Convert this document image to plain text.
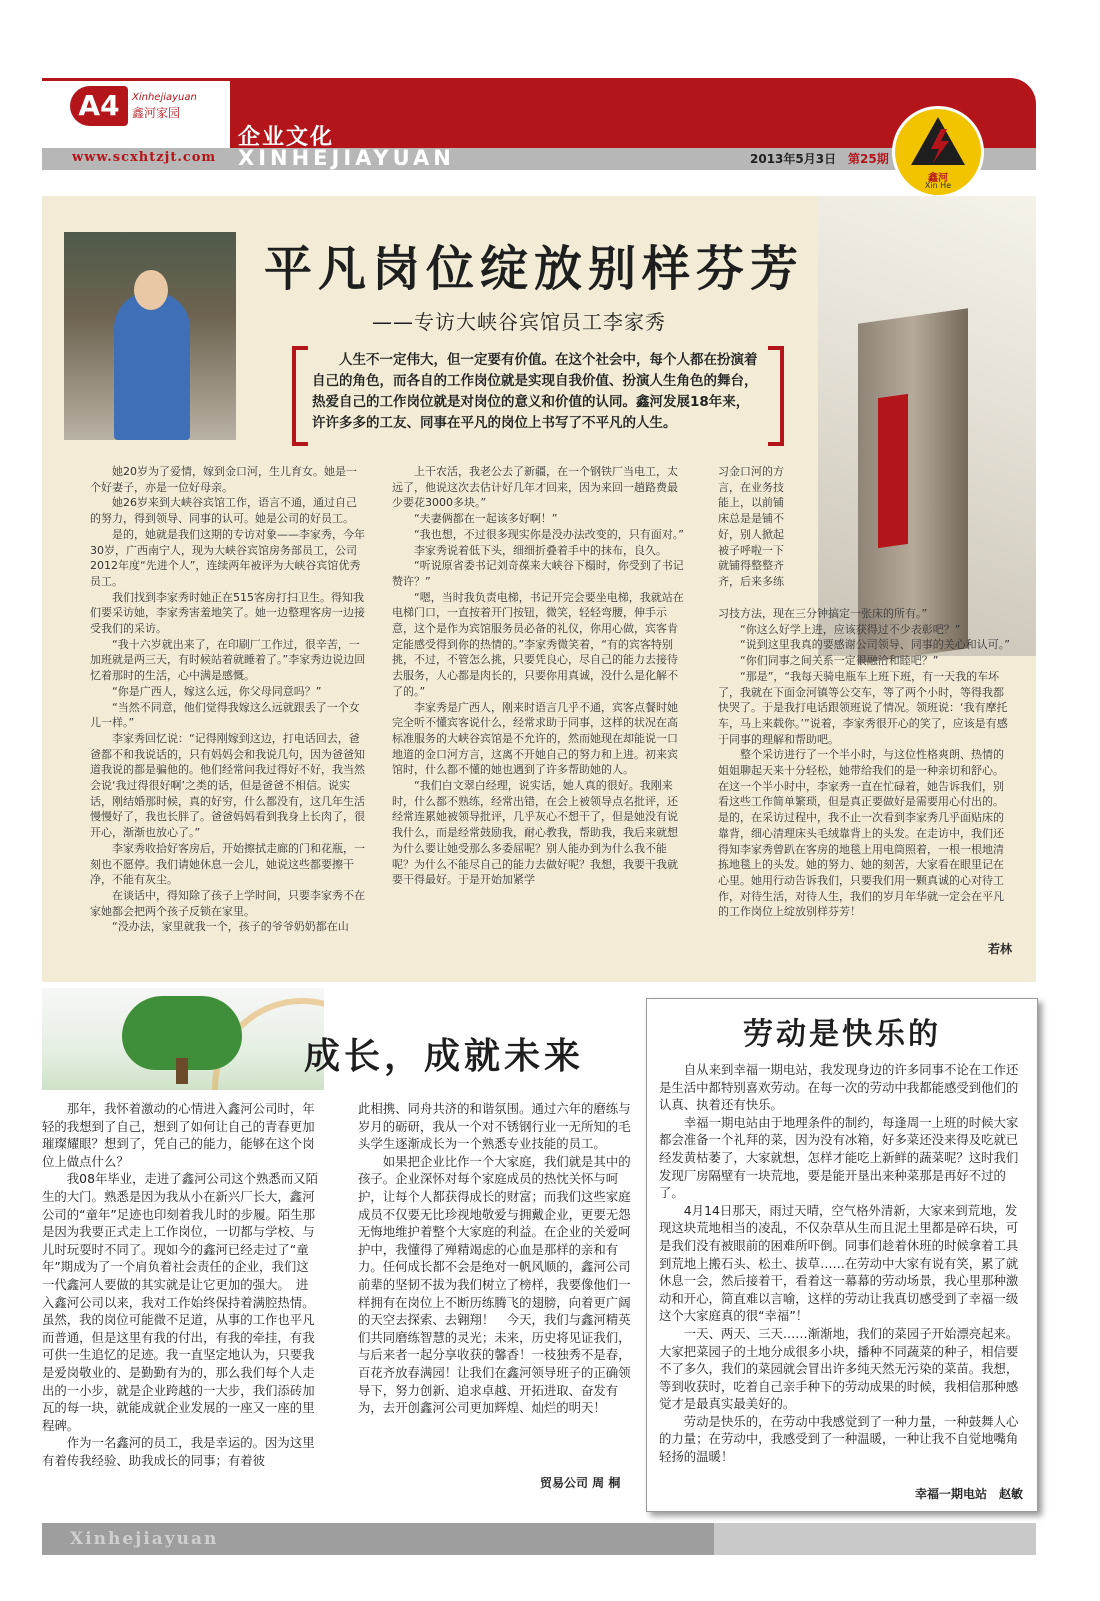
A4	Xinhejiayuan
鑫河家园
www.scxhtzjt.com
企业文化
XINHEJIAYUAN	2013年5月3日 第25期
鑫河
Xin He
平凡岗位绽放别样芬芳
——专访大峡谷宾馆员工李家秀
人生不一定伟大，但一定要有价值。在这个社会中，每个人都在扮演着自己的角色，而各自的工作岗位就是实现自我价值、扮演人生角色的舞台，热爱自己的工作岗位就是对岗位的意义和价值的认同。鑫河发展18年来，许许多多的工友、同事在平凡的岗位上书写了不平凡的人生。

她20岁为了爱情，嫁到金口河，生儿育女。她是一个好妻子，亦是一位好母亲。

她26岁来到大峡谷宾馆工作，语言不通，通过自己的努力，得到领导、同事的认可。她是公司的好员工。

是的，她就是我们这期的专访对象——李家秀，今年30岁，广西南宁人，现为大峡谷宾馆房务部员工，公司2012年度“先进个人”，连续两年被评为大峡谷宾馆优秀员工。

我们找到李家秀时她正在515客房打扫卫生。得知我们要采访她，李家秀害羞地笑了。她一边整理客房一边接受我们的采访。

“我十六岁就出来了，在印刷厂工作过，很辛苦，一加班就是两三天，有时候站着就睡着了。”李家秀边说边回忆着那时的生活，心中满是感慨。

“你是广西人，嫁这么远，你父母同意吗？”

“当然不同意，他们觉得我嫁这么远就跟丢了一个女儿一样。”

李家秀回忆说：“记得刚嫁到这边，打电话回去，爸爸都不和我说话的，只有妈妈会和我说几句，因为爸爸知道我说的都是骗他的。他们经常问我过得好不好，我当然会说‘我过得很好啊’之类的话，但是爸爸不相信。说实话，刚结婚那时候，真的好穷，什么都没有，这几年生活慢慢好了，我也长胖了。爸爸妈妈看到我身上长肉了，很开心，渐渐也放心了。”

李家秀收拾好客房后，开始擦拭走廊的门和花瓶，一刻也不愿停。我们请她休息一会儿，她说这些都要擦干净，不能有灰尘。

在谈话中，得知除了孩子上学时间，只要李家秀不在家她都会把两个孩子反锁在家里。

“没办法，家里就我一个，孩子的爷爷奶奶都在山

上干农活，我老公去了新疆，在一个钢铁厂当电工，太远了，他说这次去估计好几年才回来，因为来回一趟路费最少要花3000多块。”

“夫妻俩都在一起该多好啊！”

“我也想，不过很多现实你是没办法改变的，只有面对。”

李家秀说着低下头，细细折叠着手中的抹布，良久。

“听说原省委书记刘奇葆来大峡谷下榻时，你受到了书记赞许？”

“嗯，当时我负责电梯，书记开完会要坐电梯，我就站在电梯门口，一直按着开门按钮，微笑，轻轻弯腰，伸手示意，这个是作为宾馆服务员必备的礼仪，你用心做，宾客肯定能感受得到你的热情的。”李家秀微笑着，“有的宾客特别挑，不过，不管怎么挑，只要凭良心，尽自己的能力去接待去服务，人心都是肉长的，只要你用真诚，没什么是化解不了的。”

李家秀是广西人，刚来时语言几乎不通，宾客点餐时她完全听不懂宾客说什么，经常求助于同事，这样的状况在高标准服务的大峡谷宾馆是不允许的，然而她现在却能说一口地道的金口河方言，这离不开她自己的努力和上进。初来宾馆时，什么都不懂的她也遇到了许多帮助她的人。

“我们白文翠白经理，说实话，她人真的很好。我刚来时，什么都不熟练，经常出错，在会上被领导点名批评，还经常连累她被领导批评，几乎灰心不想干了，但是她没有说我什么，而是经常鼓励我，耐心教我，帮助我，我后来就想为什么要让她受那么多委屈呢？别人能办到为什么我不能呢？为什么不能尽自己的能力去做好呢？我想，我要干我就要干得最好。于是开始加紧学

习金口河的方言，在业务技能上，以前铺床总是是铺不好，别人掀起被子呼啦一下就铺得整整齐齐，后来多练

习技方法，现在三分钟搞定一张床的所有。”

“你这么好学上进，应该获得过不少表彰吧？”

“说到这里我真的要感谢公司领导、同事的关心和认可。”

“你们同事之间关系一定很融洽和睦吧？”

“那是”，“我每天骑电瓶车上班下班，有一天我的车坏了，我就在下面金河镇等公交车，等了两个小时，等得我都快哭了。于是我打电话跟领班说了情况。领班说：‘我有摩托车，马上来载你。’”说着，李家秀很开心的笑了，应该是有感于同事的理解和帮助吧。

整个采访进行了一个半小时，与这位性格爽朗、热情的姐姐聊起天来十分轻松，她带给我们的是一种亲切和舒心。在这一个半小时中，李家秀一直在忙碌着，她告诉我们，别看这些工作简单繁琐，但是真正要做好是需要用心付出的。是的，在采访过程中，我不止一次看到李家秀几乎面贴床的靠背，细心清理床头毛绒靠背上的头发。在走访中，我们还得知李家秀曾趴在客房的地毯上用电筒照着，一根一根地清拣地毯上的头发。她的努力、她的刻苦，大家看在眼里记在心里。她用行动告诉我们，只要我们用一颗真诚的心对待工作，对待生活，对待人生，我们的岁月年华就一定会在平凡的工作岗位上绽放别样芬芳！

若林
成长，成就未来

那年，我怀着激动的心情进入鑫河公司时，年轻的我想到了自己，想到了如何让自己的青春更加璀璨耀眼？想到了，凭自己的能力，能够在这个岗位上做点什么？

我08年毕业，走进了鑫河公司这个熟悉而又陌生的大门。熟悉是因为我从小在新兴厂长大，鑫河公司的“童年”足迹也印刻着我儿时的步履。陌生那是因为我要正式走上工作岗位，一切都与学校、与儿时玩耍时不同了。现如今的鑫河已经走过了“童年”期成为了一个肩负着社会责任的企业，我们这一代鑫河人要做的其实就是让它更加的强大。　进入鑫河公司以来，我对工作始终保持着满腔热情。虽然，我的岗位可能微不足道，从事的工作也平凡而普通，但是这里有我的付出，有我的牵挂，有我可供一生追忆的足迹。我一直坚定地认为，只要我是爱岗敬业的、是勤勤有为的，那么我们每个人走出的一小步，就是企业跨越的一大步，我们添砖加瓦的每一块，就能成就企业发展的一座又一座的里程碑。

作为一名鑫河的员工，我是幸运的。因为这里有着传我经验、助我成长的同事；有着彼

此相携、同舟共济的和谐氛围。通过六年的磨练与岁月的砺研，我从一个对不锈钢行业一无所知的毛头学生逐渐成长为一个熟悉专业技能的员工。

如果把企业比作一个大家庭，我们就是其中的孩子。企业深怀对每个家庭成员的热忱关怀与呵护，让每个人都获得成长的财富；而我们这些家庭成员不仅要无比珍视地敬爱与拥戴企业，更要无怨无悔地维护着整个大家庭的利益。在企业的关爱呵护中，我懂得了殚精竭虑的心血是那样的亲和有力。任何成长都不会是绝对一帆风顺的，鑫河公司前辈的坚韧不拔为我们树立了榜样，我要像他们一样拥有在岗位上不断历练腾飞的翅膀，向着更广阔的天空去探索、去翱翔！　今天，我们与鑫河精英们共同磨练智慧的灵光；未来，历史将见证我们，与后来者一起分享收获的馨香！一枝独秀不是春，百花齐放春满园！让我们在鑫河领导班子的正确领导下，努力创新、追求卓越、开拓进取、奋发有为，去开创鑫河公司更加辉煌、灿烂的明天！

贸易公司 周 桐
劳动是快乐的

自从来到幸福一期电站，我发现身边的许多同事不论在工作还是生活中都特别喜欢劳动。在每一次的劳动中我都能感受到他们的认真、执着还有快乐。

幸福一期电站由于地理条件的制约，每逢周一上班的时候大家都会准备一个礼拜的菜，因为没有冰箱，好多菜还没来得及吃就已经发黄枯萎了，大家就想，怎样才能吃上新鲜的蔬菜呢？这时我们发现厂房隔壁有一块荒地，要是能开垦出来种菜那是再好不过的了。

4月14日那天，雨过天晴，空气格外清新，大家来到荒地，发现这块荒地相当的凌乱，不仅杂草从生而且泥土里都是碎石块，可是我们没有被眼前的困难所吓倒。同事们趁着休班的时候拿着工具到荒地上搬石头、松土、拔草……在劳动中大家有说有笑，累了就休息一会，然后接着干，看着这一幕幕的劳动场景，我心里那种激动和开心，简直难以言喻，这样的劳动让我真切感受到了幸福一级这个大家庭真的很“幸福”！

一天、两天、三天……渐渐地，我们的菜园子开始漂亮起来。大家把菜园子的土地分成很多小块，播种不同蔬菜的种子，相信要不了多久，我们的菜园就会冒出许多纯天然无污染的菜苗。我想，等到收获时，吃着自己亲手种下的劳动成果的时候，我相信那种感觉才是最真实最美好的。

劳动是快乐的，在劳动中我感觉到了一种力量，一种鼓舞人心的力量；在劳动中，我感受到了一种温暖，一种让我不自觉地嘴角轻扬的温暖！

幸福一期电站　赵敏
Xinhejiayuan
